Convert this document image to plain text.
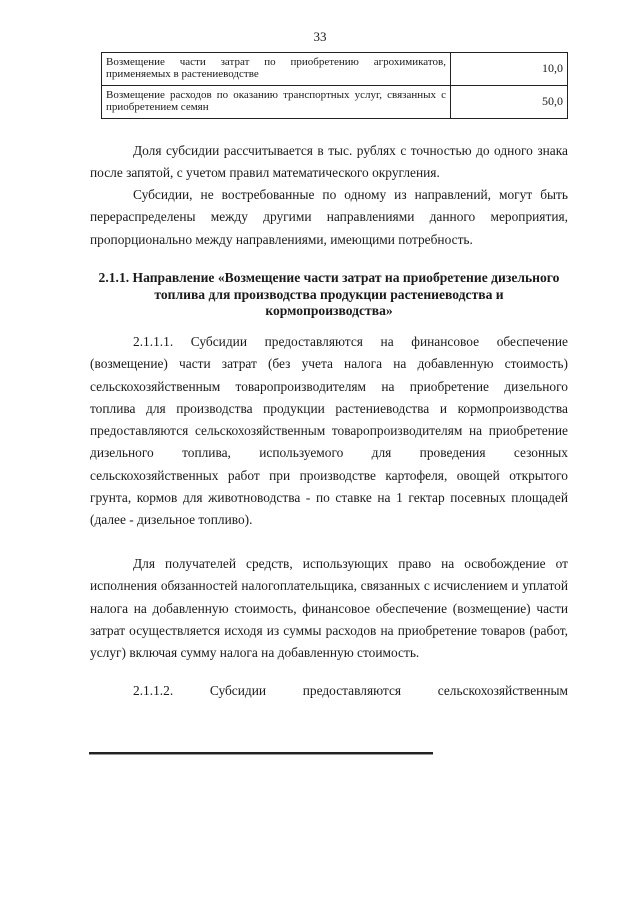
33
Возмещение части затрат по приобретению агрохимикатов, применяемых в растениеводстве	10,0
Возмещение расходов по оказанию транспортных услуг, связанных с приобретением семян	50,0

Доля субсидии рассчитывается в тыс. рублях с точностью до одного знака после запятой, с учетом правил математического округления.

Субсидии, не востребованные по одному из направлений, могут быть перераспределены между другими направлениями данного мероприятия, пропорционально между направлениями, имеющими потребность.

2.1.1. Направление «Возмещение части затрат на приобретение дизельного топлива для производства продукции растениеводства и кормопроизводства»

2.1.1.1. Субсидии предоставляются на финансовое обеспечение (возмещение) части затрат (без учета налога на добавленную стоимость) сельскохозяйственным товаропроизводителям на приобретение дизельного топлива для производства продукции растениеводства и кормопроизводства предоставляются сельскохозяйственным товаропроизводителям на приобретение дизельного топлива, используемого для проведения сезонных сельскохозяйственных работ при производстве картофеля, овощей открытого грунта, кормов для животноводства - по ставке на 1 гектар посевных площадей (далее - дизельное топливо).

Для получателей средств, использующих право на освобождение от исполнения обязанностей налогоплательщика, связанных с исчислением и уплатой налога на добавленную стоимость, финансовое обеспечение (возмещение) части затрат осуществляется исходя из суммы расходов на приобретение товаров (работ, услуг) включая сумму налога на добавленную стоимость.

2.1.1.2. Субсидии предоставляются сельскохозяйственным
